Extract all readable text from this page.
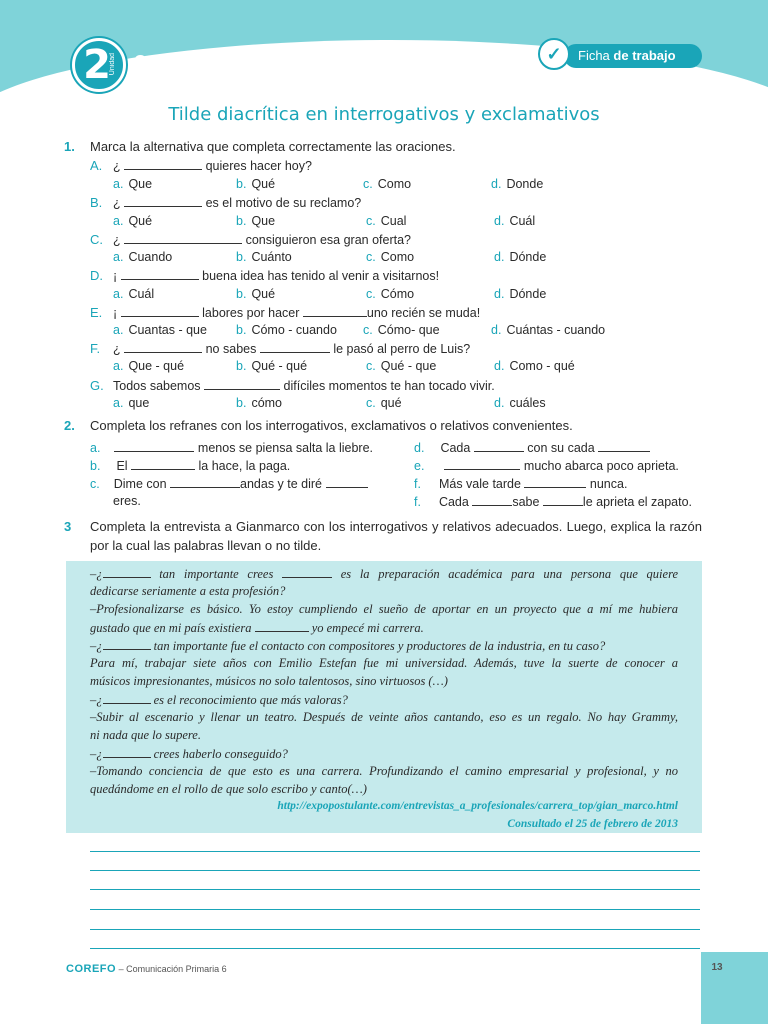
2
Unidad Ortografía	Ficha de trabajo
✓
Tilde diacrítica en interrogativos y exclamativos
1. Marca la alternativa que completa correctamente las oraciones.
A. ¿	quieres hacer hoy?
a. Que	b. Qué	c. Como	d. Donde
B. ¿	es el motivo de su reclamo?
a. Qué	b. Que	c. Cual	d. Cuál
C. ¿	consiguieron esa gran oferta?
a. Cuando	b. Cuánto	c. Como	d. Dónde
D. ¡	buena idea has tenido al venir a visitarnos!
a. Cuál	b. Qué	c. Cómo	d. Dónde
E. ¡	labores por hacer	uno recién se muda!
a. Cuantas - que b. Cómo - cuando c. Cómo- que	d. Cuántas - cuando
F. ¿	no sabes	le pasó al perro de Luis?
a. Que - qué	b. Qué - qué	c. Qué - que	d. Como - qué
G. Todos sabemos	difíciles momentos te han tocado vivir.
a. que	b. cómo	c. qué	d. cuáles
2. Completa los refranes con los interrogativos, exclamativos o relativos convenientes.
a.	menos se piensa salta la liebre.
b. El	la hace, la paga.
c. Dime con	andas y te diré
eres.
d. Cada	con su cada
e.	mucho abarca poco aprieta.
f. Más vale tarde	nunca.
f. Cada	sabe	le aprieta el zapato.
3 Completa la entrevista a Gianmarco con los interrogativos y relativos adecuados. Luego, explica la razón por la cual las palabras llevan o no tilde.
–¿	tan importante crees	es la preparación académica para una persona que quiere
dedicarse seriamente a esta profesión?
–Profesionalizarse es básico. Yo estoy cumpliendo el sueño de aportar en un proyecto que a mí me hubiera
gustado que en mi país existiera	yo empecé mi carrera.
–¿	tan importante fue el contacto con compositores y productores de la industria, en tu caso?
Para mí, trabajar siete años con Emilio Estefan fue mi universidad. Además, tuve la suerte de conocer a
músicos impresionantes, músicos no solo talentosos, sino virtuosos (…)
–¿	es el reconocimiento que más valoras?
–Subir al escenario y llenar un teatro. Después de veinte años cantando, eso es un regalo. No hay Grammy,
ni nada que lo supere.
–¿	crees haberlo conseguido?
–Tomando conciencia de que esto es una carrera. Profundizando el camino empresarial y profesional, y no
quedándome en el rollo de que solo escribo y canto(…)
http://expopostulante.com/entrevistas_a_profesionales/carrera_top/gian_marco.html
Consultado el 25 de febrero de 2013
COREFO – Comunicación Primaria 6	13
